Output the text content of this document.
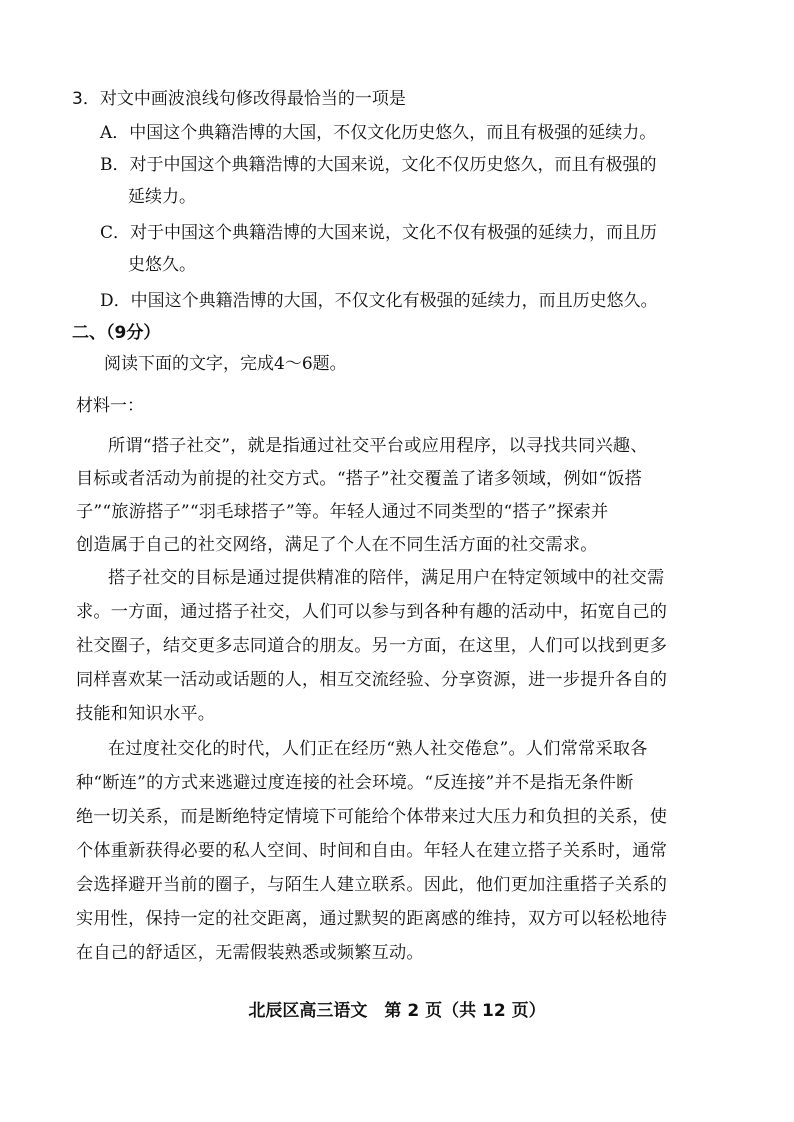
3．对文中画波浪线句修改得最恰当的一项是
A．中国这个典籍浩博的大国，不仅文化历史悠久，而且有极强的延续力。
B．对于中国这个典籍浩博的大国来说，文化不仅历史悠久，而且有极强的
延续力。
C．对于中国这个典籍浩博的大国来说，文化不仅有极强的延续力，而且历
史悠久。
D．中国这个典籍浩博的大国，不仅文化有极强的延续力，而且历史悠久。
二、（9分）
阅读下面的文字，完成4～6题。
材料一：
所谓“搭子社交”，就是指通过社交平台或应用程序，以寻找共同兴趣、
目标或者活动为前提的社交方式。“搭子”社交覆盖了诸多领域，例如“饭搭
子”“旅游搭子”“羽毛球搭子”等。年轻人通过不同类型的“搭子”探索并
创造属于自己的社交网络，满足了个人在不同生活方面的社交需求。
搭子社交的目标是通过提供精准的陪伴，满足用户在特定领域中的社交需
求。一方面，通过搭子社交，人们可以参与到各种有趣的活动中，拓宽自己的
社交圈子，结交更多志同道合的朋友。另一方面，在这里，人们可以找到更多
同样喜欢某一活动或话题的人，相互交流经验、分享资源，进一步提升各自的
技能和知识水平。
在过度社交化的时代，人们正在经历“熟人社交倦怠”。人们常常采取各
种“断连”的方式来逃避过度连接的社会环境。“反连接”并不是指无条件断
绝一切关系，而是断绝特定情境下可能给个体带来过大压力和负担的关系，使
个体重新获得必要的私人空间、时间和自由。年轻人在建立搭子关系时，通常
会选择避开当前的圈子，与陌生人建立联系。因此，他们更加注重搭子关系的
实用性，保持一定的社交距离，通过默契的距离感的维持，双方可以轻松地待
在自己的舒适区，无需假装熟悉或频繁互动。
北辰区高三语文　第 2 页（共 12 页）
